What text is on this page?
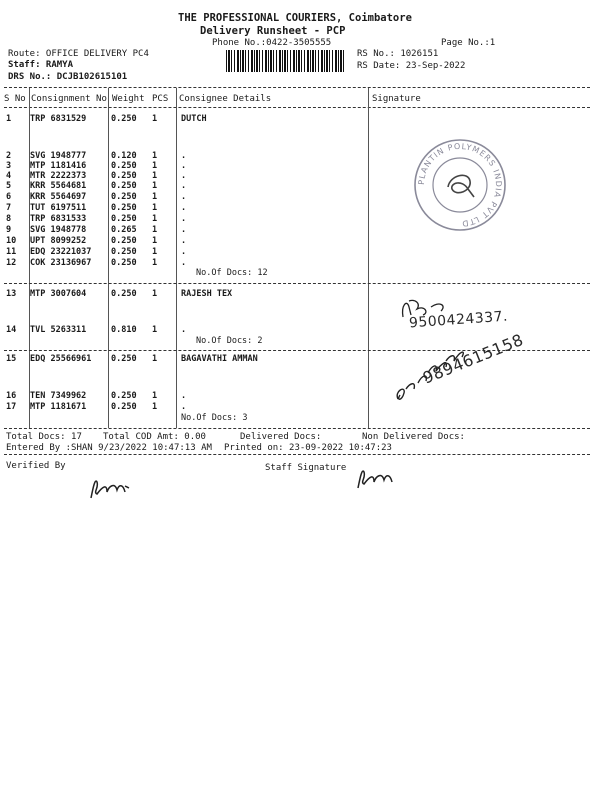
THE PROFESSIONAL COURIERS, Coimbatore
Delivery Runsheet - PCP
Phone No.:0422-3505555	Page No.:1
Route: OFFICE DELIVERY PC4
Staff: RAMYA
DRS No.: DCJB102615101
RS No.: 1026151
RS Date: 23-Sep-2022
S No Consignment No Weight PCS Consignee Details	Signature
1 TRP 6831529	0.250 1	DUTCH
2 SVG 1948777	0.120 1	.
3 MTP 1181416	0.250 1	.
4 MTR 2222373	0.250 1	.
5 KRR 5564681	0.250 1	.
6 KRR 5564697	0.250 1	.
7 TUT 6197511	0.250 1	.
8 TRP 6831533	0.250 1	.
9 SVG 1948778	0.265 1	.
10 UPT 8099252	0.250 1	.
11 EDQ 23221037 0.250 1	.
12 COK 23136967 0.250 1	.
No.Of Docs: 12
13 MTP 3007604	0.250 1	RAJESH TEX
14 TVL 5263311	0.810 1	.
No.Of Docs: 2
15 EDQ 25566961 0.250 1	BAGAVATHI AMMAN
16 TEN 7349962	0.250 1	.
17 MTP 1181671	0.250 1	.
No.Of Docs: 3
Total Docs: 17 Total COD Amt: 0.00	Delivered Docs:	Non Delivered Docs:
Entered By :SHAN 9/23/2022 10:47:13 AM Printed on: 23-09-2022 10:47:23
Verified By	Staff Signature
PLANTIN POLYMERS INDIA PVT LTD
9500424337.
9894615158
